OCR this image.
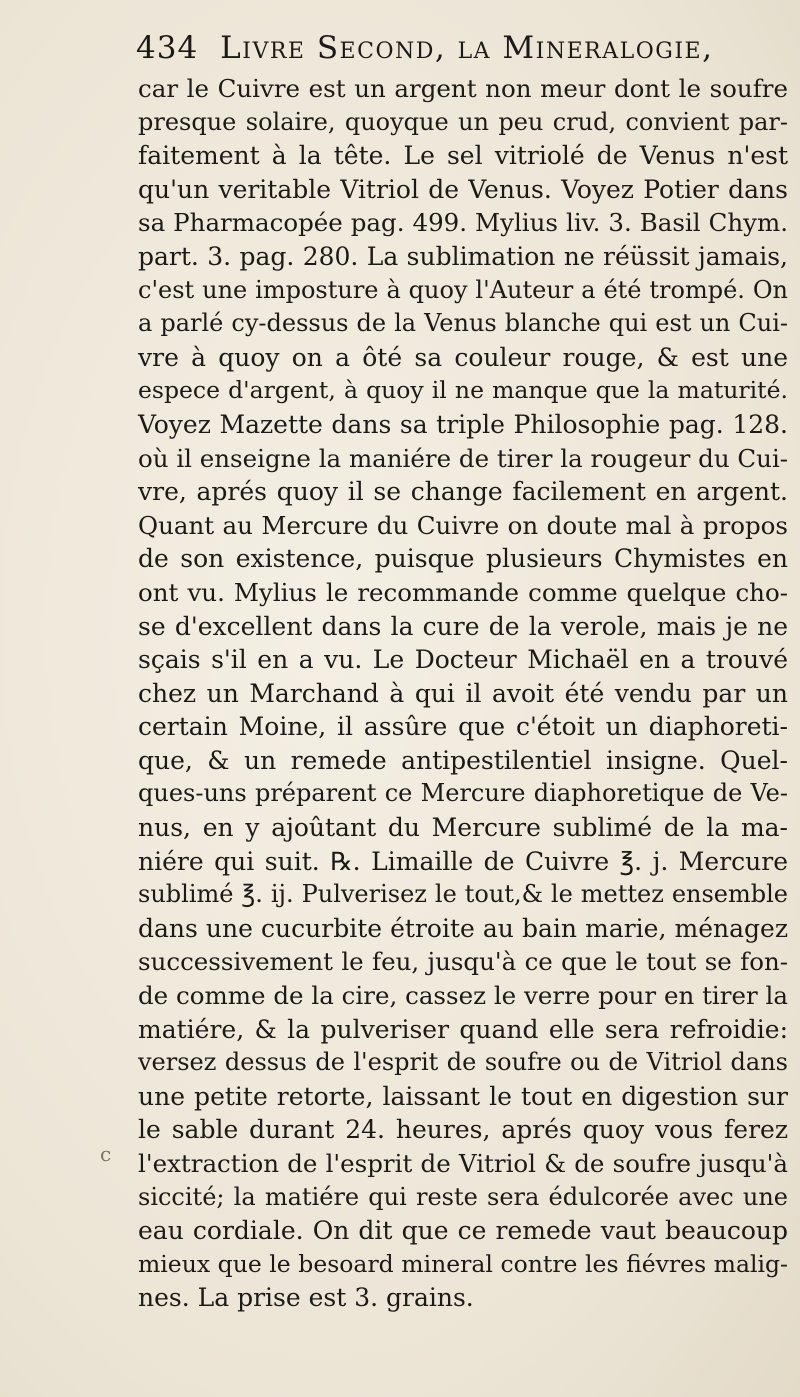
434 Livre Second, la Mineralogie,
car le Cuivre est un argent non meur dont le soufre
presque solaire, quoyque un peu crud, convient par-
faitement à la tête. Le sel vitriolé de Venus n'est
qu'un veritable Vitriol de Venus. Voyez Potier dans
sa Pharmacopée pag. 499. Mylius liv. 3. Basil Chym.
part. 3. pag. 280. La sublimation ne réüssit jamais,
c'est une imposture à quoy l'Auteur a été trompé. On
a parlé cy-dessus de la Venus blanche qui est un Cui-
vre à quoy on a ôté sa couleur rouge, & est une
espece d'argent, à quoy il ne manque que la maturité.
Voyez Mazette dans sa triple Philosophie pag. 128.
où il enseigne la maniére de tirer la rougeur du Cui-
vre, aprés quoy il se change facilement en argent.
Quant au Mercure du Cuivre on doute mal à propos
de son existence, puisque plusieurs Chymistes en
ont vu. Mylius le recommande comme quelque cho-
se d'excellent dans la cure de la verole, mais je ne
sçais s'il en a vu. Le Docteur Michaël en a trouvé
chez un Marchand à qui il avoit été vendu par un
certain Moine, il assûre que c'étoit un diaphoreti-
que, & un remede antipestilentiel insigne. Quel-
ques-uns préparent ce Mercure diaphoretique de Ve-
nus, en y ajoûtant du Mercure sublimé de la ma-
niére qui suit. ℞. Limaille de Cuivre ℥. j. Mercure
sublimé ℥. ij. Pulverisez le tout,& le mettez ensemble
dans une cucurbite étroite au bain marie, ménagez
successivement le feu, jusqu'à ce que le tout se fon-
de comme de la cire, cassez le verre pour en tirer la
matiére, & la pulveriser quand elle sera refroidie:
versez dessus de l'esprit de soufre ou de Vitriol dans
une petite retorte, laissant le tout en digestion sur
le sable durant 24. heures, aprés quoy vous ferez
l'extraction de l'esprit de Vitriol & de soufre jusqu'à
siccité; la matiére qui reste sera édulcorée avec une
eau cordiale. On dit que ce remede vaut beaucoup
mieux que le besoard mineral contre les fiévres malig-
nes. La prise est 3. grains.
c
